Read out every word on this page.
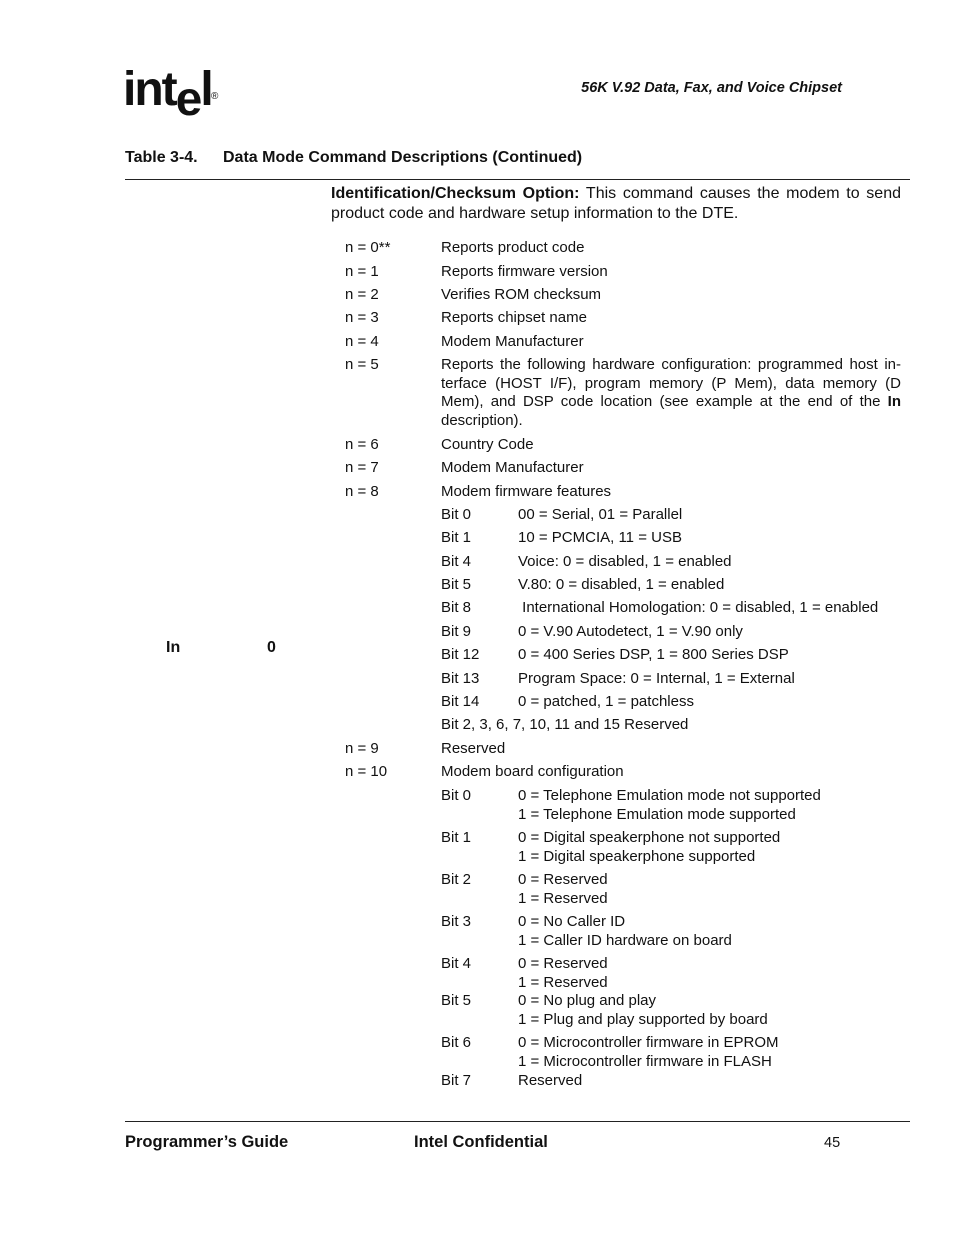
intel ®
56K V.92 Data, Fax, and Voice Chipset
Table 3-4. Data Mode Command Descriptions (Continued)
Identification/Checksum Option: This command causes the modem to send product code and hardware setup information to the DTE.
In	0
n = 0**	Reports product code
n = 1	Reports firmware version
n = 2	Verifies ROM checksum
n = 3	Reports chipset name
n = 4	Modem Manufacturer
n = 5	Reports the following hardware configuration: programmed host interface (HOST I/F), program memory (P Mem), data memory (D Mem), and DSP code location (see example at the end of the In description).
n = 6	Country Code
n = 7	Modem Manufacturer
n = 8	Modem firmware features
Bit 0	00 = Serial, 01 = Parallel
Bit 1	10 = PCMCIA, 11 = USB
Bit 4	Voice: 0 = disabled, 1 = enabled
Bit 5	V.80: 0 = disabled, 1 = enabled
Bit 8	International Homologation: 0 = disabled, 1 = enabled
Bit 9	0 = V.90 Autodetect, 1 = V.90 only
Bit 12	0 = 400 Series DSP, 1 = 800 Series DSP
Bit 13	Program Space: 0 = Internal, 1 = External
Bit 14	0 = patched, 1 = patchless
Bit 2, 3, 6, 7, 10, 11 and 15 Reserved
n = 9	Reserved
n = 10	Modem board configuration
Bit 0	0 = Telephone Emulation mode not supported
1 = Telephone Emulation mode supported
Bit 1	0 = Digital speakerphone not supported
1 = Digital speakerphone supported
Bit 2	0 = Reserved
1 = Reserved
Bit 3	0 = No Caller ID
1 = Caller ID hardware on board
Bit 4	0 = Reserved
1 = Reserved
Bit 5	0 = No plug and play
1 = Plug and play supported by board
Bit 6	0 = Microcontroller firmware in EPROM
1 = Microcontroller firmware in FLASH
Bit 7	Reserved
Programmer’s Guide	Intel Confidential	45
